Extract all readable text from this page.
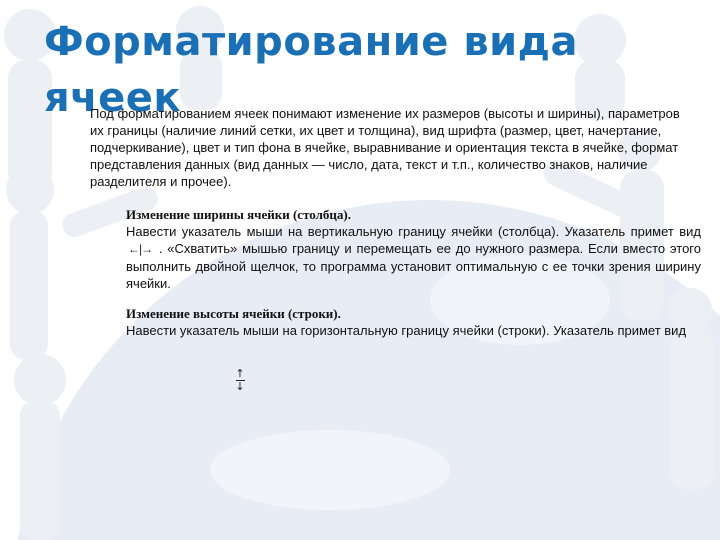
Форматирование вида ячеек

Под форматированием ячеек понимают изменение их размеров (высоты и ширины), параметров их границы (наличие линий сетки, их цвет и толщина), вид шрифта (размер, цвет, начертание, подчеркивание), цвет и тип фона в ячейке, выравнивание и ориентация текста в ячейке, формат представления данных (вид данных — число, дата, текст и т.п., количество знаков, наличие разделителя и прочее).

Изменение ширины ячейки (столбца).

Навести указатель мыши на вертикальную границу ячейки (столбца). Указатель примет вид ←|→ . «Схватить» мышью границу и перемещать ее до нужного размера. Если вместо этого выполнить двойной щелчок, то программа установит оптимальную с ее точки зрения ширину ячейки.

Изменение высоты ячейки (строки).

Навести указатель мыши на горизонтальную границу ячейки (строки). Указатель примет вид

↑
↓
